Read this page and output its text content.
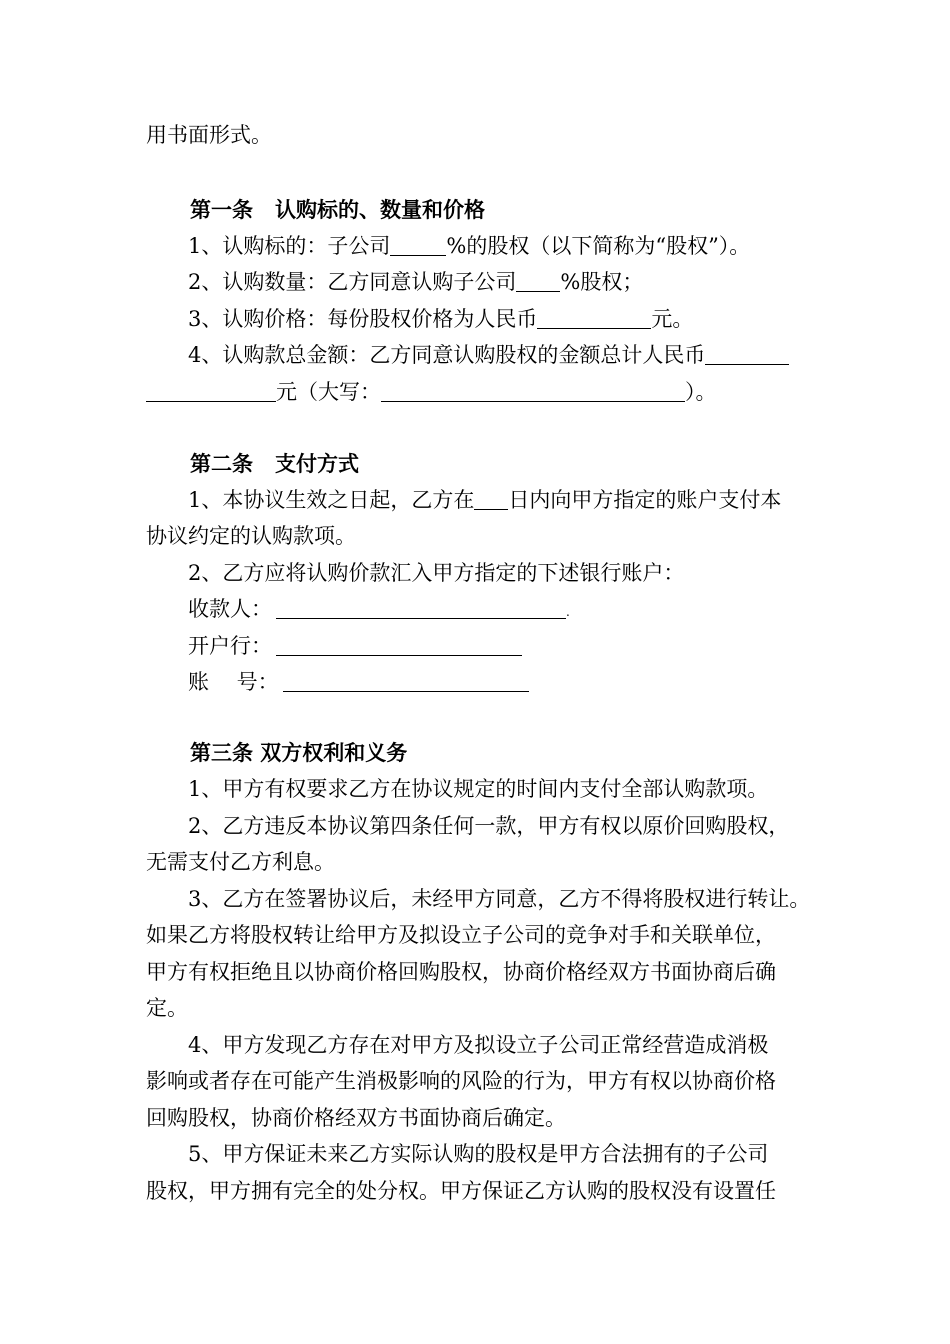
用书面形式。
第一条 认购标的、数量和价格
1、认购标的：子公司	%的股权（以下简称为“股权”）。
2、认购数量：乙方同意认购子公司 %股权；
3、认购价格：每份股权价格为人民币	元。
4、认购款总金额：乙方同意认购股权的金额总计人民币
元（大写：	）。
第二条 支付方式
1、本协议生效之日起，乙方在 日内向甲方指定的账户支付本
协议约定的认购款项。
2、乙方应将认购价款汇入甲方指定的下述银行账户：
收款人：	.
开户行：
账　 号：
第三条 双方权利和义务
1、甲方有权要求乙方在协议规定的时间内支付全部认购款项。
2、乙方违反本协议第四条任何一款，甲方有权以原价回购股权，
无需支付乙方利息。
3、乙方在签署协议后，未经甲方同意，乙方不得将股权进行转让。
如果乙方将股权转让给甲方及拟设立子公司的竞争对手和关联单位，
甲方有权拒绝且以协商价格回购股权，协商价格经双方书面协商后确
定。
4、甲方发现乙方存在对甲方及拟设立子公司正常经营造成消极
影响或者存在可能产生消极影响的风险的行为，甲方有权以协商价格
回购股权，协商价格经双方书面协商后确定。
5、甲方保证未来乙方实际认购的股权是甲方合法拥有的子公司
股权，甲方拥有完全的处分权。甲方保证乙方认购的股权没有设置任
